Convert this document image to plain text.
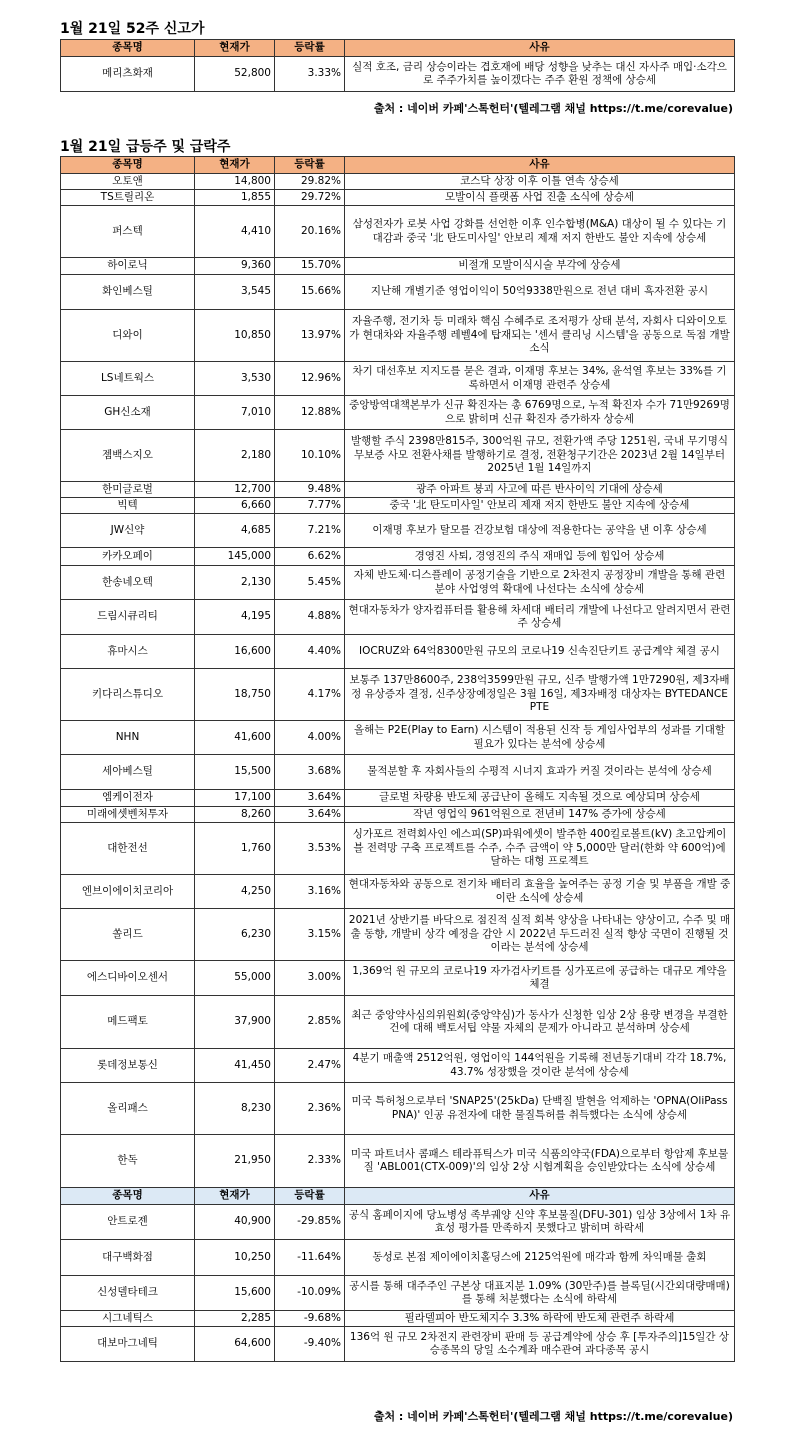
1월 21일 52주 신고가
종목명	현재가	등락률	사유
메리츠화재	52,800	3.33%	실적 호조, 금리 상승이라는 겹호재에 배당 성향을 낮추는 대신 자사주 매입·소각으로 주주가치를 높이겠다는 주주 환원 정책에 상승세
출처 : 네이버 카페'스톡헌터'(텔레그램 채널 https://t.me/corevalue)
1월 21일 급등주 및 급락주
종목명	현재가	등락률	사유
오토앤	14,800	29.82%	코스닥 상장 이후 이틀 연속 상승세
TS트릴리온	1,855	29.72%	모발이식 플랫폼 사업 진출 소식에 상승세
퍼스텍	4,410	20.16%	삼성전자가 로봇 사업 강화를 선언한 이후 인수합병(M&A) 대상이 될 수 있다는 기대감과 중국 '北 탄도미사일' 안보리 제재 저지 한반도 불안 지속에 상승세
하이로닉	9,360	15.70%	비절개 모발이식시술 부각에 상승세
화인베스틸	3,545	15.66%	지난해 개별기준 영업이익이 50억9338만원으로 전년 대비 흑자전환 공시
디와이	10,850	13.97%	자율주행, 전기차 등 미래차 핵심 수혜주로 조저평가 상태 분석, 자회사 디와이오토가 현대차와 자율주행 레벨4에 탑재되는 '센서 클리닝 시스템'을 공동으로 독점 개발 소식
LS네트웍스	3,530	12.96%	차기 대선후보 지지도를 묻은 결과, 이재명 후보는 34%, 윤석열 후보는 33%를 기록하면서 이재명 관련주 상승세
GH신소재	7,010	12.88%	중앙방역대책본부가 신규 확진자는 총 6769명으로, 누적 확진자 수가 71만9269명으로 밝히며 신규 확진자 증가하자 상승세
젬백스지오	2,180	10.10%	발행할 주식 2398만815주, 300억원 규모, 전환가액 주당 1251원, 국내 무기명식 무보증 사모 전환사채를 발행하기로 결정, 전환청구기간은 2023년 2월 14일부터 2025년 1월 14일까지
한미글로벌	12,700	9.48%	광주 아파트 붕괴 사고에 따른 반사이익 기대에 상승세
빅텍	6,660	7.77%	중국 '北 탄도미사일' 안보리 제재 저지 한반도 불안 지속에 상승세
JW신약	4,685	7.21%	이재명 후보가 탈모를 건강보험 대상에 적용한다는 공약을 낸 이후 상승세
카카오페이	145,000	6.62%	경영진 사퇴, 경영진의 주식 재매입 등에 힘입어 상승세
한송네오텍	2,130	5.45%	자체 반도체·디스플레이 공정기술을 기반으로 2차전지 공정장비 개발을 통해 관련 분야 사업영역 확대에 나선다는 소식에 상승세
드림시큐리티	4,195	4.88%	현대자동차가 양자컴퓨터를 활용해 차세대 배터리 개발에 나선다고 알려지면서 관련주 상승세
휴마시스	16,600	4.40%	IOCRUZ와 64억8300만원 규모의 코로나19 신속진단키트 공급계약 체결 공시
키다리스튜디오	18,750	4.17%	보통주 137만8600주, 238억3599만원 규모, 신주 발행가액 1만7290원, 제3자배정 유상증자 결정, 신주상장예정일은 3월 16일, 제3자배정 대상자는 BYTEDANCE PTE
NHN	41,600	4.00%	올해는 P2E(Play to Earn) 시스템이 적용된 신작 등 게임사업부의 성과를 기대할 필요가 있다는 분석에 상승세
세아베스틸	15,500	3.68%	물적분할 후 자회사들의 수평적 시너지 효과가 커질 것이라는 분석에 상승세
엠케이전자	17,100	3.64%	글로벌 차량용 반도체 공급난이 올해도 지속될 것으로 예상되며 상승세
미래에셋벤처투자	8,260	3.64%	작년 영업익 961억원으로 전년비 147% 증가에 상승세
대한전선	1,760	3.53%	싱가포르 전력회사인 에스피(SP)파워에셋이 발주한 400킬로볼트(kV) 초고압케이블 전력망 구축 프로젝트를 수주, 수주 금액이 약 5,000만 달러(한화 약 600억)에 달하는 대형 프로젝트
엔브이에이치코리아	4,250	3.16%	현대자동차와 공동으로 전기차 배터리 효율을 높여주는 공정 기술 및 부품을 개발 중이란 소식에 상승세
쏠리드	6,230	3.15%	2021년 상반기를 바닥으로 점진적 실적 회복 양상을 나타내는 양상이고, 수주 및 매출 동향, 개발비 상각 예정을 감안 시 2022년 두드러진 실적 향상 국면이 진행될 것이라는 분석에 상승세
에스디바이오센서	55,000	3.00%	1,369억 원 규모의 코로나19 자가검사키트를 싱가포르에 공급하는 대규모 계약을 체결
메드팩토	37,900	2.85%	최근 중앙약사심의위원회(중앙약심)가 동사가 신청한 임상 2상 용량 변경을 부결한 건에 대해 백토서팁 약물 자체의 문제가 아니라고 분석하며 상승세
롯데정보통신	41,450	2.47%	4분기 매출액 2512억원, 영업이익 144억원을 기록해 전년동기대비 각각 18.7%, 43.7% 성장했을 것이란 분석에 상승세
올리패스	8,230	2.36%	미국 특허청으로부터 'SNAP25'(25kDa) 단백질 발현을 억제하는 'OPNA(OliPass PNA)' 인공 유전자에 대한 물질특허를 취득했다는 소식에 상승세
한독	21,950	2.33%	미국 파트너사 콤패스 테라퓨틱스가 미국 식품의약국(FDA)으로부터 항암제 후보물질 'ABL001(CTX-009)'의 임상 2상 시험계획을 승인받았다는 소식에 상승세
종목명	현재가	등락률	사유
안트로젠	40,900	-29.85%	공식 홈페이지에 당뇨병성 족부궤양 신약 후보물질(DFU-301) 임상 3상에서 1차 유효성 평가를 만족하지 못했다고 밝히며 하락세
대구백화점	10,250	-11.64%	동성로 본점 제이에이치홀딩스에 2125억원에 매각과 함께 차익매물 출회
신성델타테크	15,600	-10.09%	공시를 통해 대주주인 구본상 대표지분 1.09% (30만주)를 블록딜(시간외대량매매)를 통해 처분했다는 소식에 하락세
시그네틱스	2,285	-9.68%	필라델피아 반도체지수 3.3% 하락에 반도체 관련주 하락세
대보마그네틱	64,600	-9.40%	136억 원 규모 2차전지 관련장비 판매 등 공급계약에 상승 후 [투자주의]15일간 상승종목의 당일 소수계좌 매수관여 과다종목 공시
출처 : 네이버 카페'스톡헌터'(텔레그램 채널 https://t.me/corevalue)
